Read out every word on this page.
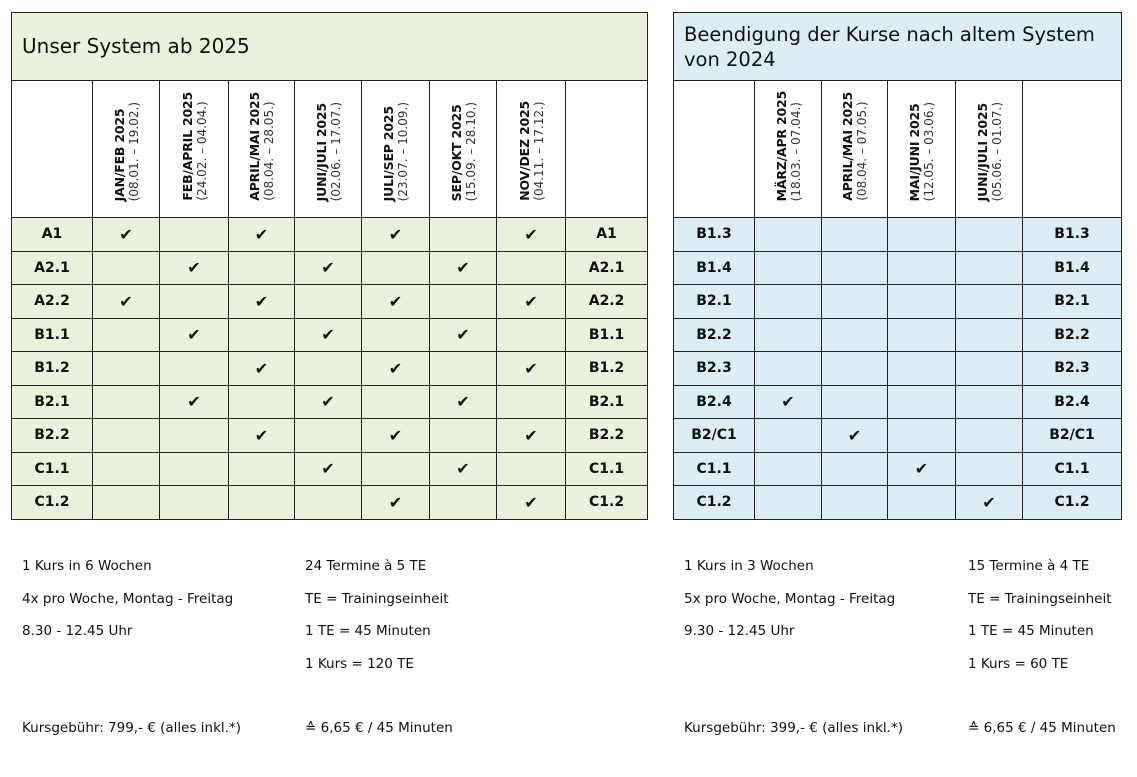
Unser System ab 2025								

	JAN/FEB 2025 (08.01. – 19.02.)	FEB/APRIL 2025 (24.02. – 04.04.)	APRIL/MAI 2025 (08.04. – 28.05.)	JUNI/JULI 2025 (02.06. – 17.07.)	JULI/SEP 2025 (23.07. – 10.09.)	SEP/OKT 2025 (15.09. – 28.10.)	NOV/DEZ 2025 (04.11. – 17.12.)	

A1	✔		✔		✔		✔	A1
A2.1		✔		✔		✔		A2.1
A2.2	✔		✔		✔		✔	A2.2
B1.1		✔		✔		✔		B1.1
B1.2			✔		✔		✔	B1.2
B2.1		✔		✔		✔		B2.1
B2.2			✔		✔		✔	B2.2
C1.1				✔		✔		C1.1
C1.2					✔		✔	C1.2
Beendigung der Kurse nach altem System von 2024					

	MÄRZ/APR 2025 (18.03. – 07.04.)	APRIL/MAI 2025 (08.04. – 07.05.)	MAI/JUNI 2025 (12.05. – 03.06.)	JUNI/JULI 2025 (05.06. – 01.07.)	

B1.3					B1.3
B1.4					B1.4
B2.1					B2.1
B2.2					B2.2
B2.3					B2.3
B2.4	✔				B2.4
B2/C1		✔			B2/C1
C1.1			✔		C1.1
C1.2				✔	C1.2
1 Kurs in 6 Wochen
4x pro Woche, Montag - Freitag
8.30 - 12.45 Uhr
24 Termine à 5 TE
TE = Trainingseinheit
1 TE = 45 Minuten
1 Kurs = 120 TE
Kursgebühr: 799,- € (alles inkl.*)	≙ 6,65 € / 45 Minuten
1 Kurs in 3 Wochen
5x pro Woche, Montag - Freitag
9.30 - 12.45 Uhr
15 Termine à 4 TE
TE = Trainingseinheit
1 TE = 45 Minuten
1 Kurs = 60 TE
Kursgebühr: 399,- € (alles inkl.*)	≙ 6,65 € / 45 Minuten
